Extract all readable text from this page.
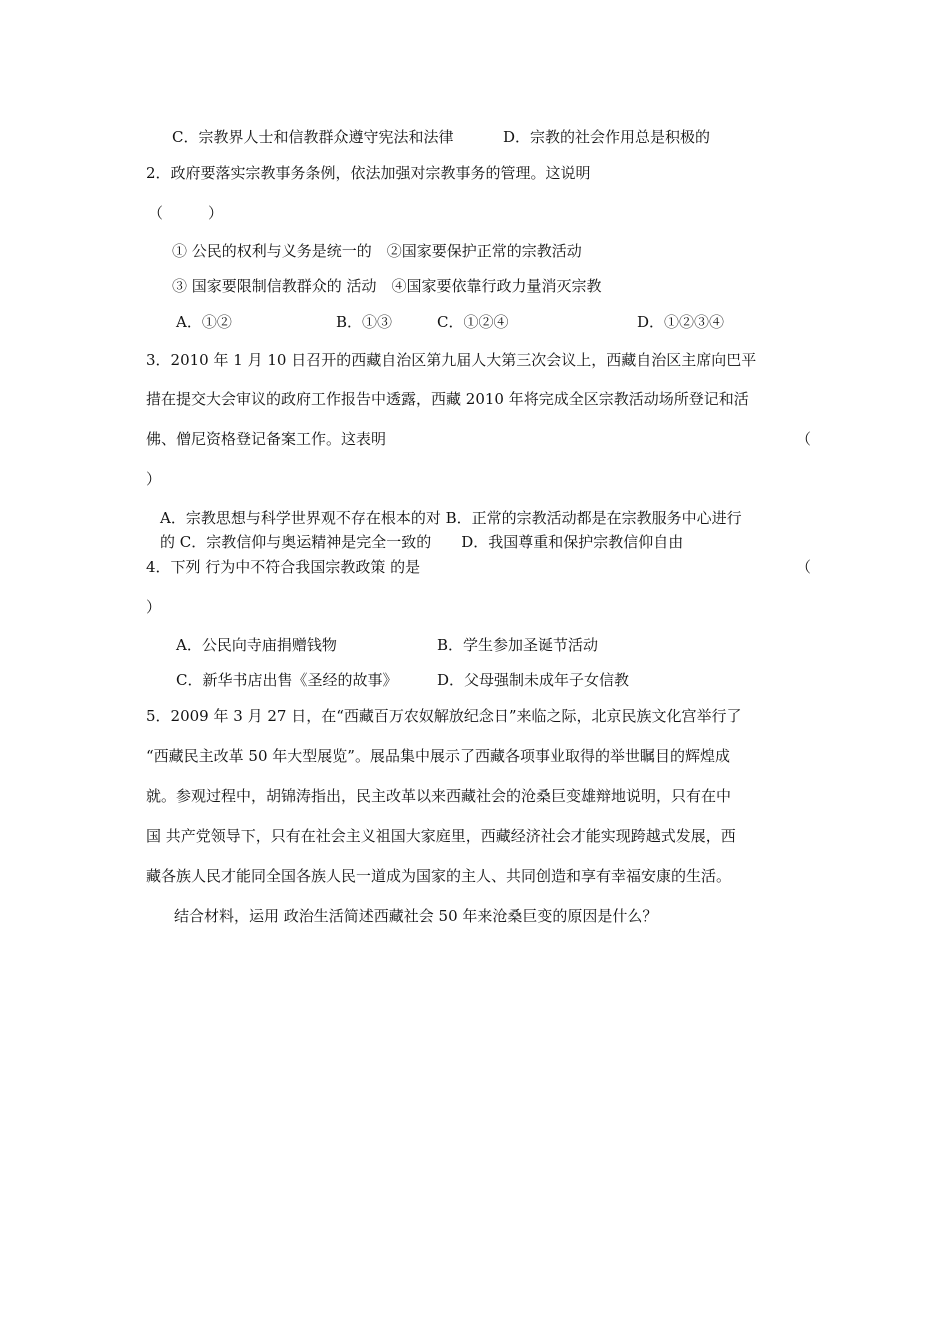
C．宗教界人士和信教群众遵守宪法和法律	D．宗教的社会作用总是积极的
2．政府要落实宗教事务条例，依法加强对宗教事务的管理。这说明
（　　　）
① 公民的权利与义务是统一的　②国家要保护正常的宗教活动
③ 国家要限制信教群众的 活动　④国家要依靠行政力量消灭宗教
A．①②	B．①③	C．①②④	D．①②③④
3．2010 年 1 月 10 日召开的西藏自治区第九届人大第三次会议上，西藏自治区主席向巴平
措在提交大会审议的政府工作报告中透露，西藏 2010 年将完成全区宗教活动场所登记和活
佛、僧尼资格登记备案工作。这表明	（
）
A．宗教思想与科学世界观不存在根本的对 B．正常的宗教活动都是在宗教服务中心进行
的 C．宗教信仰与奥运精神是完全一致的　　D．我国尊重和保护宗教信仰自由
4．下列 行为中不符合我国宗教政策 的是	（
）
A．公民向寺庙捐赠钱物	B．学生参加圣诞节活动
C．新华书店出售《圣经的故事》	D．父母强制未成年子女信教
5．2009 年 3 月 27 日，在“西藏百万农奴解放纪念日”来临之际，北京民族文化宫举行了
“西藏民主改革 50 年大型展览”。展品集中展示了西藏各项事业取得的举世瞩目的辉煌成
就。参观过程中，胡锦涛指出，民主改革以来西藏社会的沧桑巨变雄辩地说明，只有在中
国 共产党领导下，只有在社会主义祖国大家庭里，西藏经济社会才能实现跨越式发展，西
藏各族人民才能同全国各族人民一道成为国家的主人、共同创造和享有幸福安康的生活。
结合材料，运用 政治生活简述西藏社会 50 年来沧桑巨变的原因是什么？
